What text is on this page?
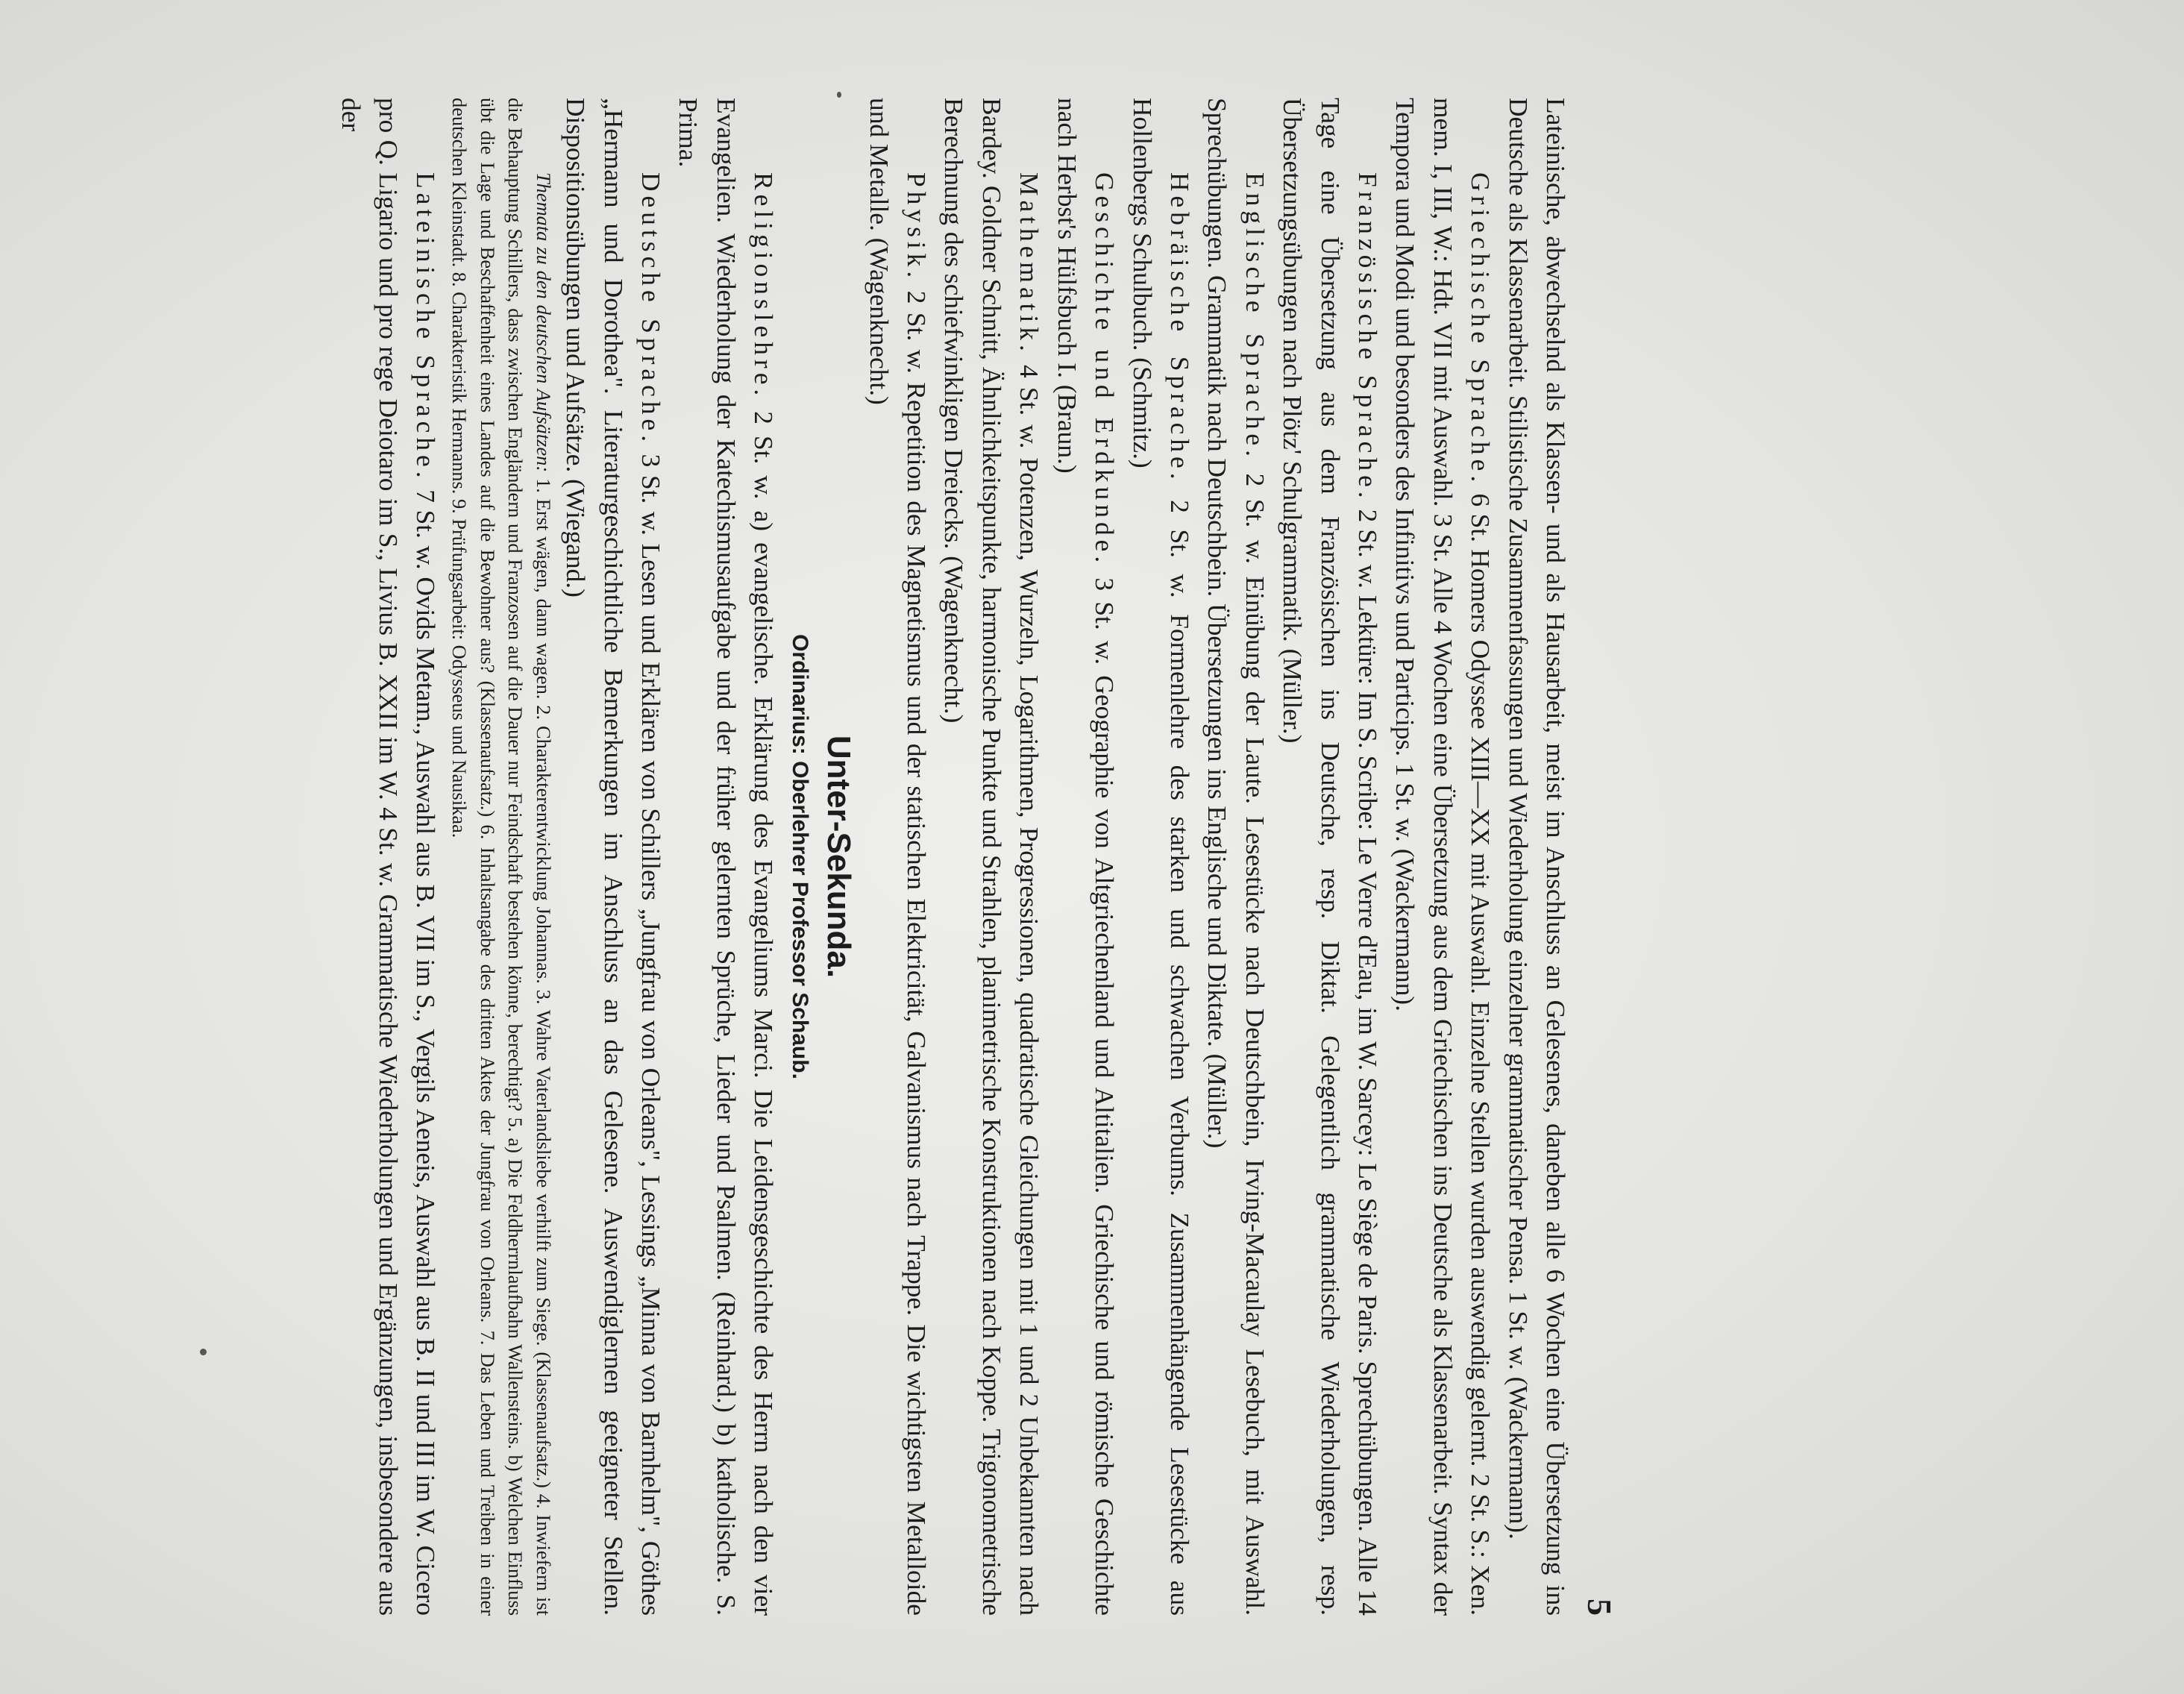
5

Lateinische, abwechselnd als Klassen- und als Hausarbeit, meist im Anschluss an Gelesenes, daneben alle 6 Wochen eine Übersetzung ins Deutsche als Klassenarbeit. Stilistische Zusammenfassungen und Wiederholung einzelner grammatischer Pensa. 1 St. w. (Wackermann).

Griechische Sprache. 6 St. Homers Odyssee XIII—XX mit Auswahl. Einzelne Stellen wurden auswendig gelernt. 2 St. S.: Xen. mem. I, III, W.: Hdt. VII mit Auswahl. 3 St. Alle 4 Wochen eine Übersetzung aus dem Griechischen ins Deutsche als Klassenarbeit. Syntax der Tempora und Modi und besonders des Infinitivs und Particips. 1 St. w. (Wackermann).

Französische Sprache. 2 St. w. Lektüre: Im S. Scribe: Le Verre d'Eau, im W. Sarcey: Le Siège de Paris. Sprechübungen. Alle 14 Tage eine Übersetzung aus dem Französischen ins Deutsche, resp. Diktat. Gelegentlich grammatische Wiederholungen, resp. Übersetzungsübungen nach Plötz' Schulgrammatik. (Müller.)

Englische Sprache. 2 St. w. Einübung der Laute. Lesestücke nach Deutschbein, Irving-Macaulay Lesebuch, mit Auswahl. Sprechübungen. Grammatik nach Deutschbein. Übersetzungen ins Englische und Diktate. (Müller.)

Hebräische Sprache. 2 St. w. Formenlehre des starken und schwachen Verbums. Zusammenhängende Lesestücke aus Hollenbergs Schulbuch. (Schmitz.)

Geschichte und Erdkunde. 3 St. w. Geographie von Altgriechenland und Altitalien. Griechische und römische Geschichte nach Herbst's Hülfsbuch I. (Braun.)

Mathematik. 4 St. w. Potenzen, Wurzeln, Logarithmen, Progressionen, quadratische Gleichungen mit 1 und 2 Unbekannten nach Bardey. Goldner Schnitt, Ähnlichkeitspunkte, harmonische Punkte und Strahlen, planimetrische Konstruktionen nach Koppe. Trigonometrische Berechnung des schiefwinkligen Dreiecks. (Wagenknecht.)

Physik. 2 St. w. Repetition des Magnetismus und der statischen Elektricität, Galvanismus nach Trappe. Die wichtigsten Metalloide und Metalle. (Wagenknecht.)

Unter-Sekunda.

Ordinarius: Oberlehrer Professor Schaub.

Religionslehre. 2 St. w. a) evangelische. Erklärung des Evangeliums Marci. Die Leidensgeschichte des Herrn nach den vier Evangelien. Wiederholung der Katechismusaufgabe und der früher gelernten Sprüche, Lieder und Psalmen. (Reinhard.) b) katholische. S. Prima.

Deutsche Sprache. 3 St. w. Lesen und Erklären von Schillers „Jungfrau von Orleans", Lessings „Minna von Barnhelm", Göthes „Hermann und Dorothea". Literaturgeschichtliche Bemerkungen im Anschluss an das Gelesene. Auswendiglernen geeigneter Stellen. Dispositionsübungen und Aufsätze. (Wiegand.)

Themata zu den deutschen Aufsätzen: 1. Erst wägen, dann wagen. 2. Charakterentwicklung Johannas. 3. Wahre Vaterlandsliebe verhilft zum Siege. (Klassenaufsatz.) 4. Inwiefern ist die Behauptung Schillers, dass zwischen Engländern und Franzosen auf die Dauer nur Feindschaft bestehen könne, berechtigt? 5. a) Die Feldherrnlaufbahn Wallensteins. b) Welchen Einfluss übt die Lage und Beschaffenheit eines Landes auf die Bewohner aus? (Klassenaufsatz.) 6. Inhaltsangabe des dritten Aktes der Jungfrau von Orleans. 7. Das Leben und Treiben in einer deutschen Kleinstadt. 8. Charakteristik Hermanns. 9. Prüfungsarbeit: Odysseus und Nausikaa.

Lateinische Sprache. 7 St. w. Ovids Metam., Auswahl aus B. VII im S., Vergils Aeneis, Auswahl aus B. II und III im W. Cicero pro Q. Ligario und pro rege Deiotaro im S., Livius B. XXII im W. 4 St. w. Grammatische Wiederholungen und Ergänzungen, insbesondere aus der
